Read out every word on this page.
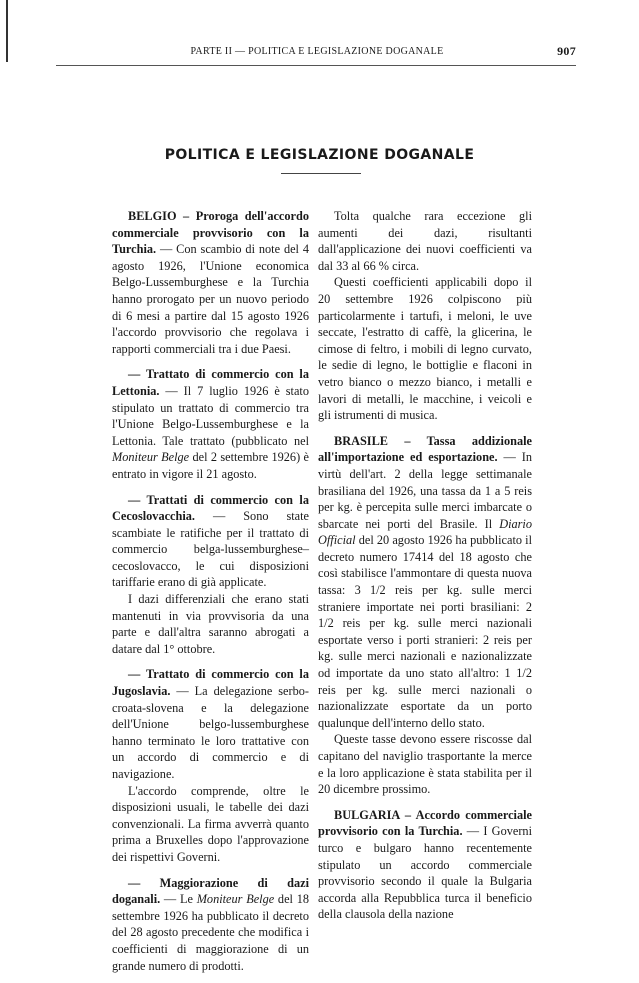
PARTE II — POLITICA E LEGISLAZIONE DOGANALE	907
POLITICA E LEGISLAZIONE DOGANALE

BELGIO – Proroga dell'accordo commerciale provvisorio con la Turchia. — Con scambio di note del 4 agosto 1926, l'Unione economica Belgo-Lussemburghese e la Turchia hanno prorogato per un nuovo periodo di 6 mesi a partire dal 15 agosto 1926 l'accordo provvisorio che regolava i rapporti commerciali tra i due Paesi.

— Trattato di commercio con la Lettonia. — Il 7 luglio 1926 è stato stipulato un trattato di commercio tra l'Unione Belgo-Lussemburghese e la Lettonia. Tale trattato (pubblicato nel Moniteur Belge del 2 settembre 1926) è entrato in vigore il 21 agosto.

— Trattati di commercio con la Cecoslovacchia. — Sono state scambiate le ratifiche per il trattato di commercio belga-lussemburghese–cecoslovacco, le cui disposizioni tariffarie erano di già applicate.

I dazi differenziali che erano stati mantenuti in via provvisoria da una parte e dall'altra saranno abrogati a datare dal 1° ottobre.

— Trattato di commercio con la Jugoslavia. — La delegazione serbo-croata-slovena e la delegazione dell'Unione belgo-lussemburghese hanno terminato le loro trattative con un accordo di commercio e di navigazione.

L'accordo comprende, oltre le disposizioni usuali, le tabelle dei dazi convenzionali. La firma avverrà quanto prima a Bruxelles dopo l'approvazione dei rispettivi Governi.

— Maggiorazione di dazi doganali. — Le Moniteur Belge del 18 settembre 1926 ha pubblicato il decreto del 28 agosto precedente che modifica i coefficienti di maggiorazione di un grande numero di prodotti.

Tolta qualche rara eccezione gli aumenti dei dazi, risultanti dall'applicazione dei nuovi coefficienti va dal 33 al 66 % circa.

Questi coefficienti applicabili dopo il 20 settembre 1926 colpiscono più particolarmente i tartufi, i meloni, le uve seccate, l'estratto di caffè, la glicerina, le cimose di feltro, i mobili di legno curvato, le sedie di legno, le bottiglie e flaconi in vetro bianco o mezzo bianco, i metalli e lavori di metalli, le macchine, i veicoli e gli istrumenti di musica.

BRASILE – Tassa addizionale all'importazione ed esportazione. — In virtù dell'art. 2 della legge settimanale brasiliana del 1926, una tassa da 1 a 5 reis per kg. è percepita sulle merci imbarcate o sbarcate nei porti del Brasile. Il Diario Official del 20 agosto 1926 ha pubblicato il decreto numero 17414 del 18 agosto che così stabilisce l'ammontare di questa nuova tassa: 3 1/2 reis per kg. sulle merci straniere importate nei porti brasiliani: 2 1/2 reis per kg. sulle merci nazionali esportate verso i porti stranieri: 2 reis per kg. sulle merci nazionali e nazionalizzate od importate da uno stato all'altro: 1 1/2 reis per kg. sulle merci nazionali o nazionalizzate esportate da un porto qualunque dell'interno dello stato.

Queste tasse devono essere riscosse dal capitano del naviglio trasportante la merce e la loro applicazione è stata stabilita per il 20 dicembre prossimo.

BULGARIA – Accordo commerciale provvisorio con la Turchia. — I Governi turco e bulgaro hanno recentemente stipulato un accordo commerciale provvisorio secondo il quale la Bulgaria accorda alla Repubblica turca il beneficio della clausola della nazione
